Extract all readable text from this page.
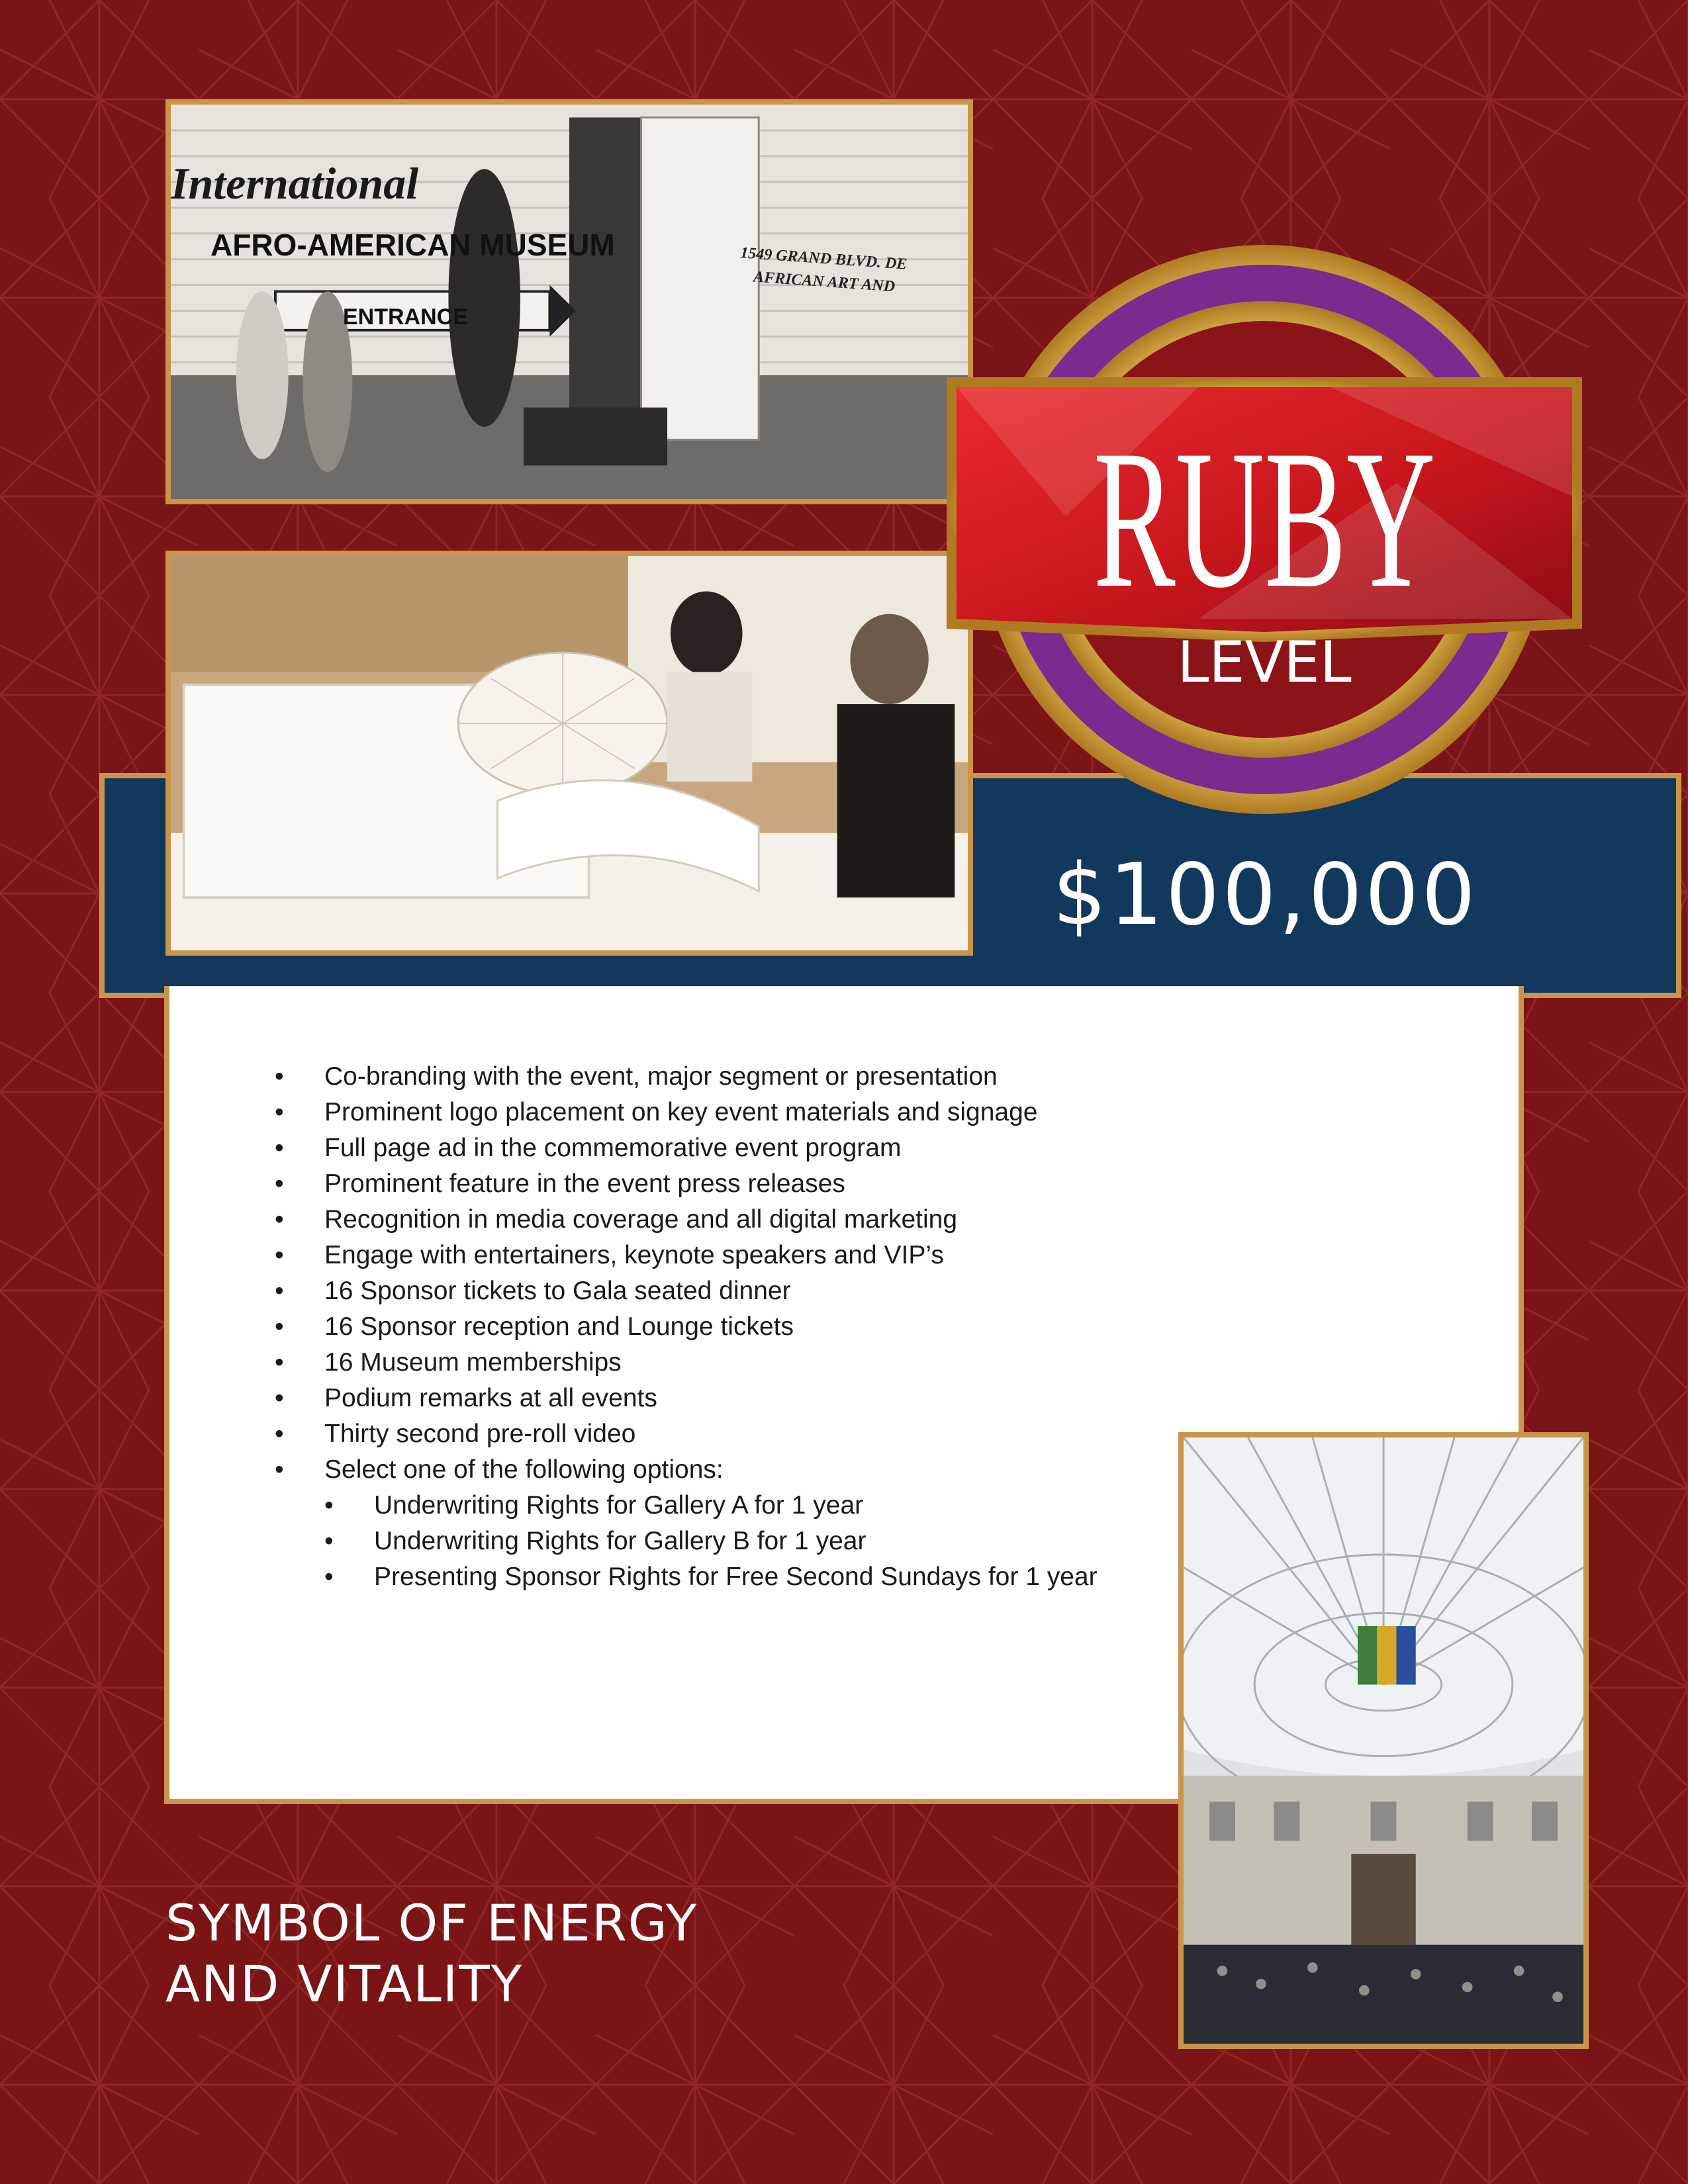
International
AFRO-AMERICAN MUSEUM	1549 GRAND BLVD. DE
AFRICAN ART AND
ENTRANCE
RUBY
LEVEL
$100,000
• Co-branding with the event, major segment or presentation
• Prominent logo placement on key event materials and signage
• Full page ad in the commemorative event program
• Prominent feature in the event press releases
• Recognition in media coverage and all digital marketing
• Engage with entertainers, keynote speakers and VIP’s
• 16 Sponsor tickets to Gala seated dinner
• 16 Sponsor reception and Lounge tickets
• 16 Museum memberships
• Podium remarks at all events
• Thirty second pre-roll video
• Select one of the following options:
• Underwriting Rights for Gallery A for 1 year
• Underwriting Rights for Gallery B for 1 year
• Presenting Sponsor Rights for Free Second Sundays for 1 year
SYMBOL OF ENERGY
AND VITALITY
